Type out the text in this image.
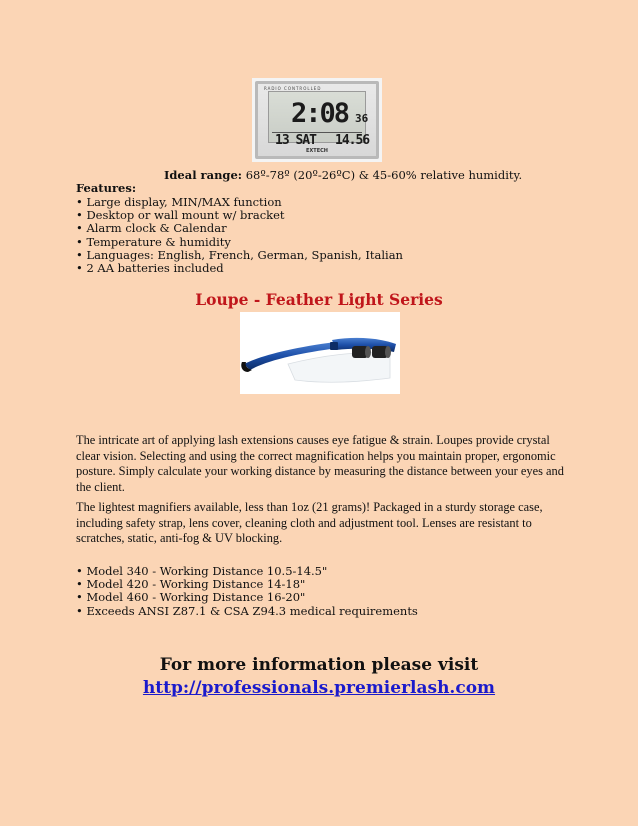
RADIO CONTROLLED
2:08 36
13 SAT 14.56
EXTECH
Ideal range: 68º-78º (20º-26ºC) & 45-60% relative humidity.
Features:
• Large display, MIN/MAX function
• Desktop or wall mount w/ bracket
• Alarm clock & Calendar
• Temperature & humidity
• Languages: English, French, German, Spanish, Italian
• 2 AA batteries included
Loupe - Feather Light Series
The intricate art of applying lash extensions causes eye fatigue & strain. Loupes provide crystal clear vision. Selecting and using the correct magnification helps you maintain proper, ergonomic posture. Simply calculate your working distance by measuring the distance between your eyes and the client.
The lightest magnifiers available, less than 1oz (21 grams)! Packaged in a sturdy storage case, including safety strap, lens cover, cleaning cloth and adjustment tool. Lenses are resistant to scratches, static, anti-fog & UV blocking.
• Model 340 - Working Distance 10.5-14.5"
• Model 420 - Working Distance 14-18"
• Model 460 - Working Distance 16-20"
• Exceeds ANSI Z87.1 & CSA Z94.3 medical requirements
For more information please visit
http://professionals.premierlash.com
